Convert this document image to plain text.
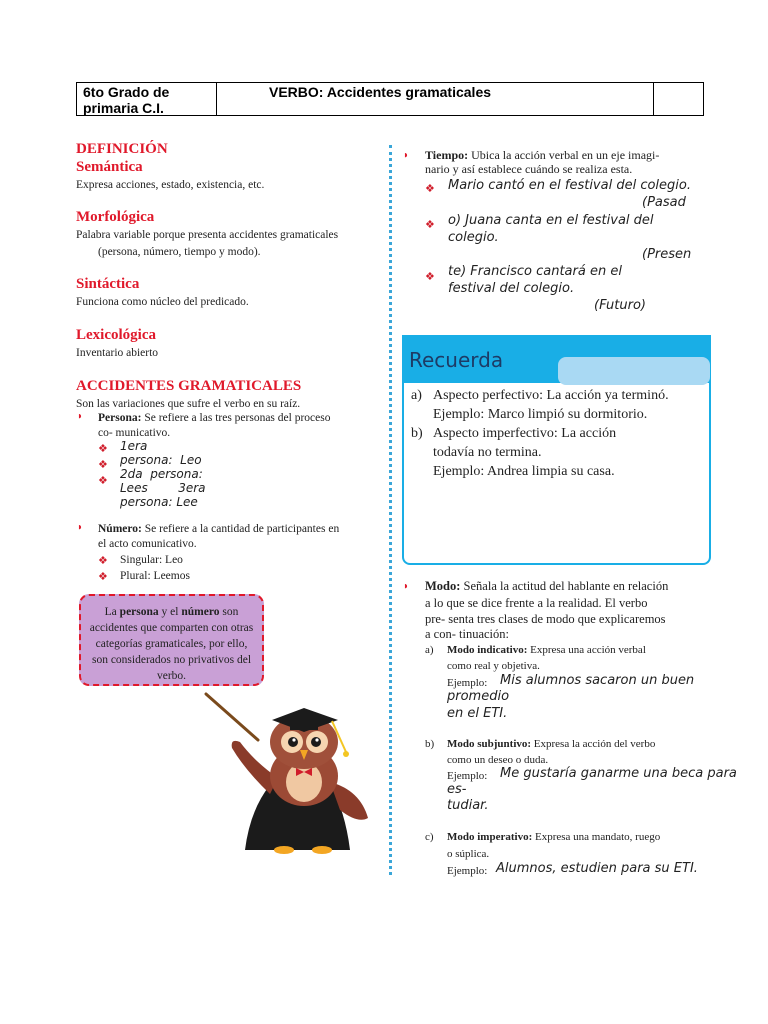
6to Grado de primaria C.I.
VERBO: Accidentes gramaticales
DEFINICIÓN
Semántica
Expresa acciones, estado, existencia, etc.
Morfológica
Palabra variable porque presenta accidentes gramaticales
(persona, número, tiempo y modo).
Sintáctica
Funciona como núcleo del predicado.
Lexicológica
Inventario abierto
ACCIDENTES GRAMATICALES
Son las variaciones que sufre el verbo en su raíz.
◗ Persona: Se refiere a las tres personas del proceso
co- municativo.
❖
❖
❖
1era
persona:  Leo
2da  persona:
Lees        3era
persona: Lee
◗ Número: Se refiere a la cantidad de participantes en
el acto comunicativo.
❖ Singular: Leo
❖ Plural: Leemos
La persona y el número son accidentes que comparten con otras categorías gramaticales, por ello, son considerados no privativos del verbo.
◗ Tiempo: Ubica la acción verbal en un eje imagi-
nario y así establece cuándo se realiza esta.
❖ Mario cantó en el festival del colegio.
(Pasad
❖ o) Juana canta en el festival del
colegio.
(Presen
❖ te) Francisco cantará en el
festival del colegio.
(Futuro)
Recuerda
a) Aspecto perfectivo: La acción ya terminó.
Ejemplo: Marco limpió su dormitorio.
b) Aspecto imperfectivo: La acción
todavía no termina.
Ejemplo: Andrea limpia su casa.
◗ Modo: Señala la actitud del hablante en relación
a lo que se dice frente a la realidad. El verbo
pre- senta tres clases de modo que explicaremos
a con- tinuación:
a) Modo indicativo: Expresa una acción verbal
como real y objetiva.
Ejemplo: Mis alumnos sacaron un buen
promedio
en el ETI.
b) Modo subjuntivo: Expresa la acción del verbo
como un deseo o duda.
Ejemplo: Me gustaría ganarme una beca para
es-
tudiar.
c) Modo imperativo: Expresa una mandato, ruego
o súplica.
Ejemplo: Alumnos, estudien para su ETI.
